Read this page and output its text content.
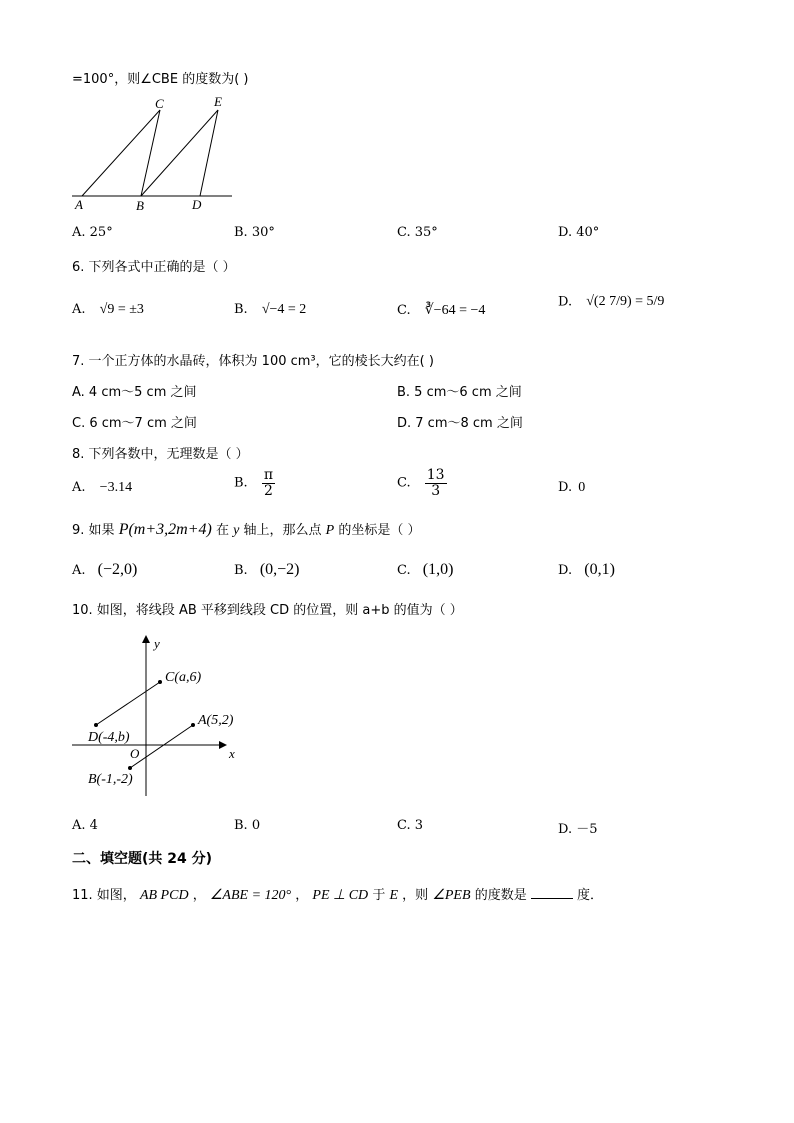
=100°，则∠CBE 的度数为( )
C	E
A	B	D
A. 25°	B. 30°	C. 35°	D. 40°
6. 下列各式中正确的是（ ）
A. √9 = ±3	B. √−4 = 2	C. ∛−64 = −4
D. √(2 7/9) = 5/9
7. 一个正方体的水晶砖，体积为 100 cm³，它的棱长大约在( )
A. 4 cm～5 cm 之间	B. 5 cm～6 cm 之间
C. 6 cm～7 cm 之间	D. 7 cm～8 cm 之间
8. 下列各数中，无理数是（ ）
A. −3.14	B. $\frac{\pi}{2}$	C. $\frac{13}{3}$	D. 0
9. 如果 P(m+3,2m+4) 在 y 轴上，那么点 P 的坐标是（ ）
A. (−2,0)	B. (0,−2)	C. (1,0)	D. (0,1)
10. 如图，将线段 AB 平移到线段 CD 的位置，则 a+b 的值为（ ）
y
x
O
C(a,6)
D(-4,b)
A(5,2)
B(-1,-2)
A. 4	B. 0	C. 3	D. －5
二、填空题(共 24 分)
11. 如图， AB PCD ， ∠ABE = 120° ， PE ⊥ CD 于 E ，则 ∠PEB 的度数是	度．
